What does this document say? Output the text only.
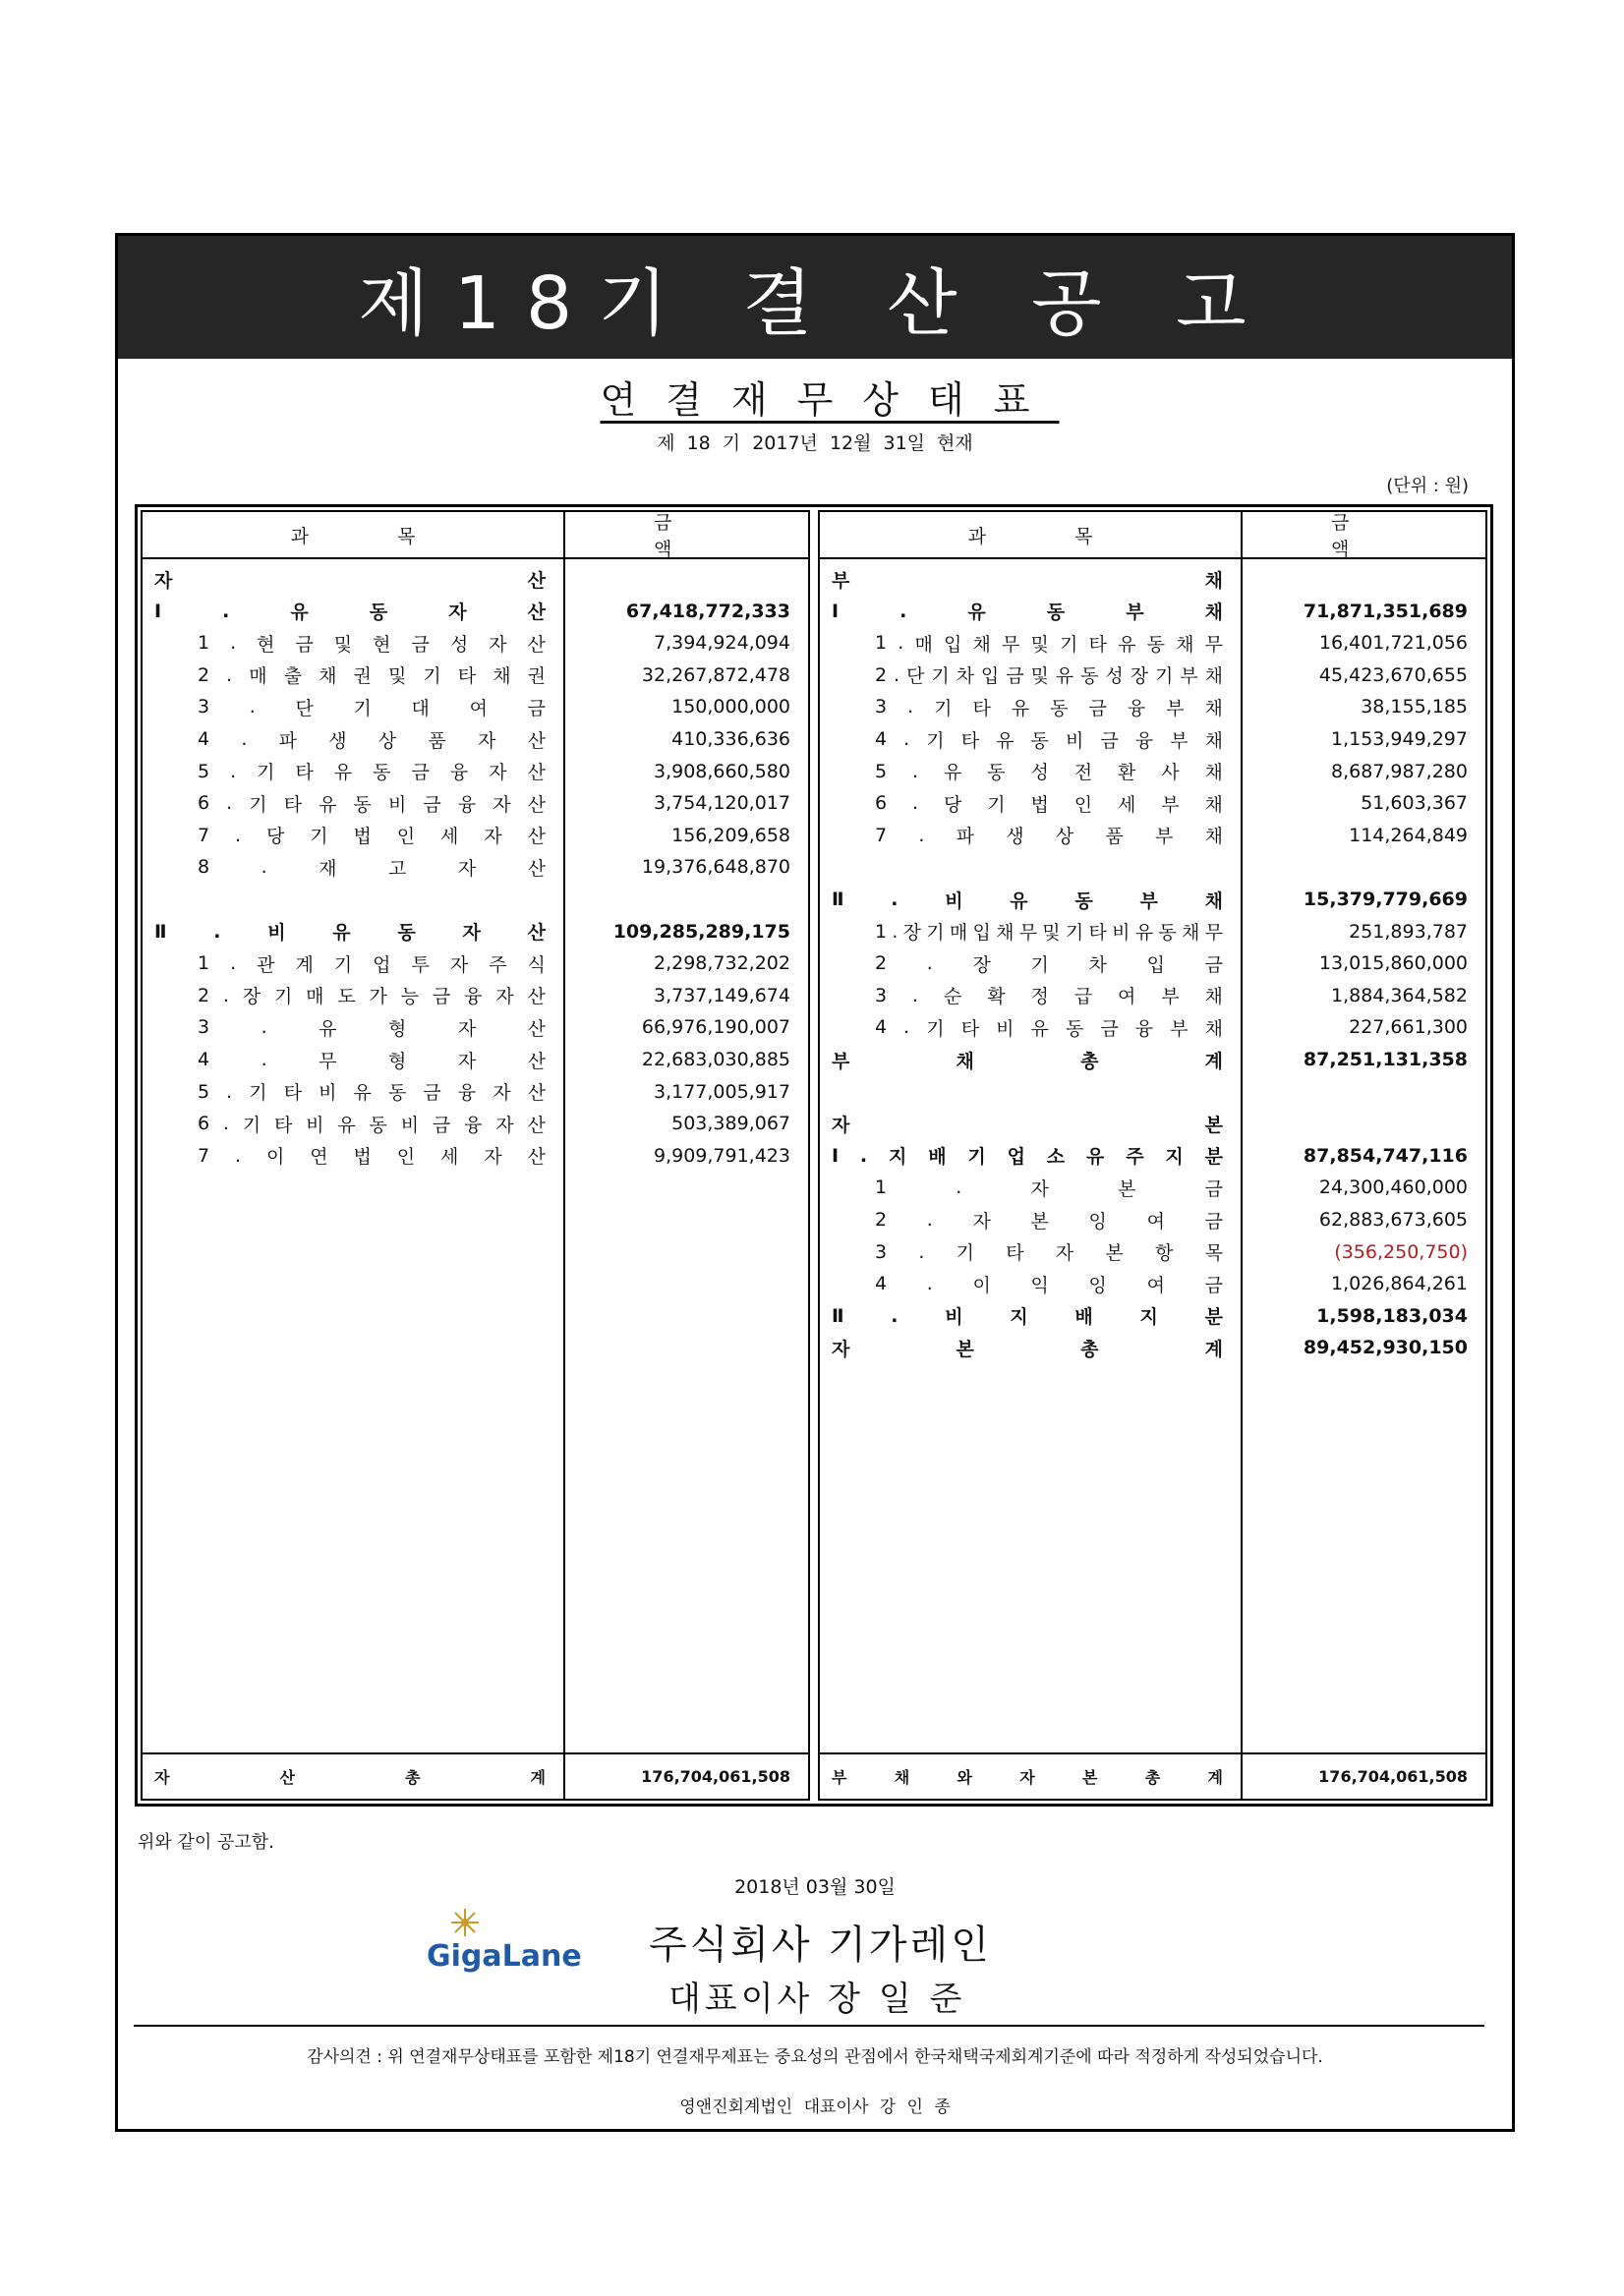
제18기 결 산 공 고
연결재무상태표
제 18 기 2017년 12월 31일 현재
(단위 : 원)
과목
금액
자	산
Ⅰ	.	유	동	자	산	67,418,772,333
1 . 현 금 및 현 금 성 자 산	7,394,924,094
2 . 매 출 채 권 및 기 타 채 권	32,267,872,478
3 . 단 기 대 여 금	150,000,000
4 . 파 생 상 품 자 산	410,336,636
5 . 기 타 유 동 금 융 자 산	3,908,660,580
6 . 기 타 유 동 비 금 융 자 산	3,754,120,017
7 . 당 기 법 인 세 자 산	156,209,658
8	.	재	고	자	산	19,376,648,870
Ⅱ	.	비	유	동	자	산	109,285,289,175
1 . 관 계 기 업 투 자 주 식	2,298,732,202
2 . 장 기 매 도 가 능 금 융 자 산	3,737,149,674
3	.	유	형	자	산	66,976,190,007
4	.	무	형	자	산	22,683,030,885
5 . 기 타 비 유 동 금 융 자 산	3,177,005,917
6 . 기 타 비 유 동 비 금 융 자 산	503,389,067
7 . 이 연 법 인 세 자 산	9,909,791,423
자	산	총	계	176,704,061,508
과목
금액
부	채
Ⅰ	.	유	동	부	채	71,871,351,689
1 . 매 입 채 무 및 기 타 유 동 채 무	16,401,721,056
2 . 단 기 차 입 금 및 유 동 성 장 기 부 채	45,423,670,655
3 . 기 타 유 동 금 융 부 채	38,155,185
4 . 기 타 유 동 비 금 융 부 채	1,153,949,297
5 . 유 동 성 전 환 사 채	8,687,987,280
6 . 당 기 법 인 세 부 채	51,603,367
7 . 파 생 상 품 부 채	114,264,849
Ⅱ	.	비	유	동	부	채	15,379,779,669
1 . 장 기 매 입 채 무 및 기 타 비 유 동 채 무	251,893,787
2 . 장 기 차 입 금	13,015,860,000
3 . 순 확 정 급 여 부 채	1,884,364,582
4 . 기 타 비 유 동 금 융 부 채	227,661,300
부	채	총	계	87,251,131,358
자	본
Ⅰ . 지 배 기 업 소 유 주 지 분	87,854,747,116
1	.	자	본	금	24,300,460,000
2 . 자 본 잉 여 금	62,883,673,605
3 . 기 타 자 본 항 목	(356,250,750)
4 . 이 익 잉 여 금	1,026,864,261
Ⅱ	.	비	지	배	지	분	1,598,183,034
자	본	총	계	89,452,930,150
부	채	와	자	본	총	계	176,704,061,508
위와 같이 공고함.
2018년 03월 30일
GigaLane 주식회사 기가레인
대표이사 장 일 준
감사의견 : 위 연결재무상태표를 포함한 제18기 연결재무제표는 중요성의 관점에서 한국채택국제회계기준에 따라 적정하게 작성되었습니다.
영앤진회계법인 대표이사 강 인 종
